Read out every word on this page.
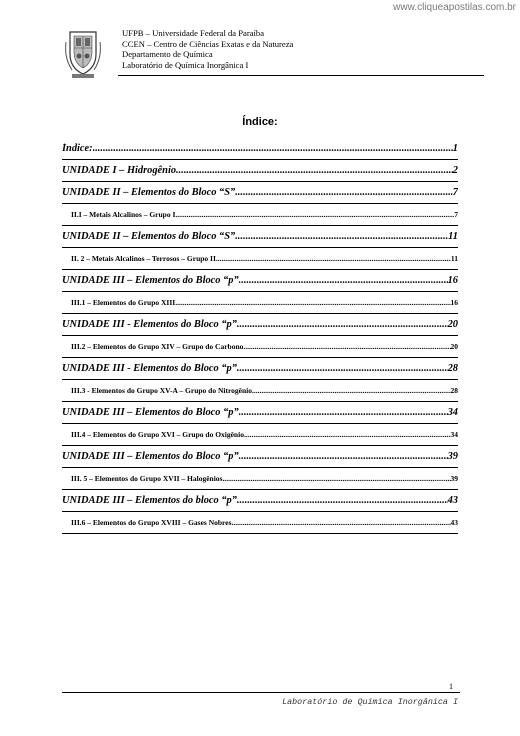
www.cliqueapostilas.com.br
UFPB – Universidade Federal da Paraíba
CCEN – Centro de Ciências Exatas e da Natureza
Departamento de Química
Laboratório de Química Inorgânica I
Índice:
Índice: .....	1
UNIDADE I – Hidrogênio .....	2
UNIDADE II – Elementos do Bloco “S” .....	7
II.I – Metais Alcalinos – Grupo I .....	7
UNIDADE II – Elementos do Bloco “S” .....	11
II. 2 – Metais Alcalinos – Terrosos – Grupo II .....	11
UNIDADE III – Elementos do Bloco “p” .....	16
III.1 – Elementos do Grupo XIII .....	16
UNIDADE III - Elementos do Bloco “p” .....	20
III.2 – Elementos do Grupo XIV – Grupo do Carbono .....	20
UNIDADE III - Elementos do Bloco “p” .....	28
III.3 - Elementos do Grupo XV-A – Grupo do Nitrogênio .....	28
UNIDADE III – Elementos do Bloco “p” .....	34
III.4 – Elementos do Grupo XVI – Grupo do Oxigênio .....	34
UNIDADE III – Elementos do Bloco “p” .....	39
III. 5 – Elementos do Grupo XVII – Halogênios .....	39
UNIDADE III – Elementos do bloco “p” .....	43
III.6 – Elementos do Grupo XVIII – Gases Nobres .....	43
1
Laboratório de Química Inorgânica I
